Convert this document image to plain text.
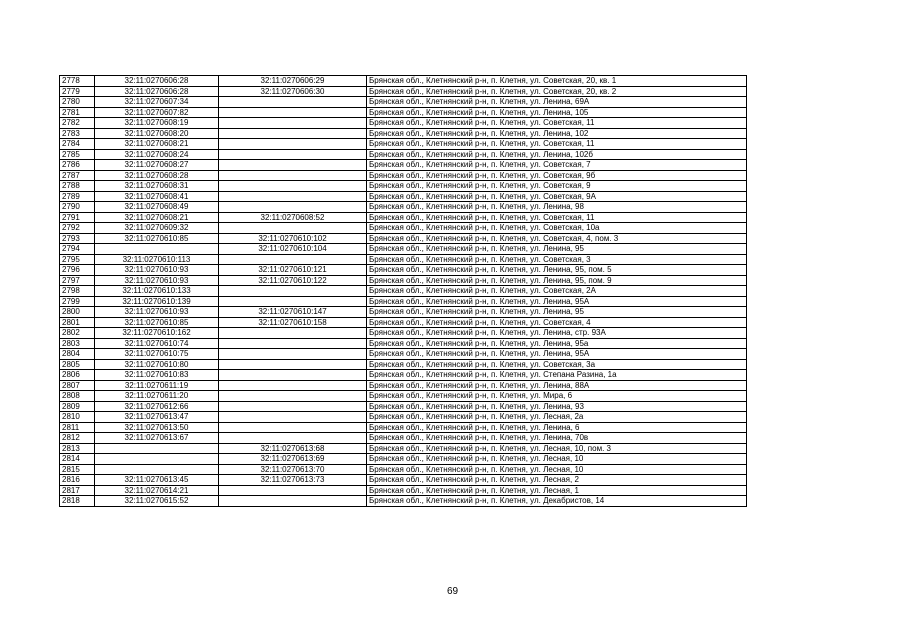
2778	32:11:0270606:28	32:11:0270606:29	Брянская обл., Клетнянский р-н, п. Клетня, ул. Советская, 20, кв. 1
2779	32:11:0270606:28	32:11:0270606:30	Брянская обл., Клетнянский р-н, п. Клетня, ул. Советская, 20, кв. 2
2780	32:11:0270607:34		Брянская обл., Клетнянский р-н, п. Клетня, ул. Ленина, 69А
2781	32:11:0270607:82		Брянская обл., Клетнянский р-н, п. Клетня, ул. Ленина, 105
2782	32:11:0270608:19		Брянская обл., Клетнянский р-н, п. Клетня, ул. Советская, 11
2783	32:11:0270608:20		Брянская обл., Клетнянский р-н, п. Клетня, ул. Ленина, 102
2784	32:11:0270608:21		Брянская обл., Клетнянский р-н, п. Клетня, ул. Советская, 11
2785	32:11:0270608:24		Брянская обл., Клетнянский р-н, п. Клетня, ул. Ленина, 102б
2786	32:11:0270608:27		Брянская обл., Клетнянский р-н, п. Клетня, ул. Советская, 7
2787	32:11:0270608:28		Брянская обл., Клетнянский р-н, п. Клетня, ул. Советская, 9б
2788	32:11:0270608:31		Брянская обл., Клетнянский р-н, п. Клетня, ул. Советская, 9
2789	32:11:0270608:41		Брянская обл., Клетнянский р-н, п. Клетня, ул. Советская, 9А
2790	32:11:0270608:49		Брянская обл., Клетнянский р-н, п. Клетня, ул. Ленина, 98
2791	32:11:0270608:21	32:11:0270608:52	Брянская обл., Клетнянский р-н, п. Клетня, ул. Советская, 11
2792	32:11:0270609:32		Брянская обл., Клетнянский р-н, п. Клетня, ул. Советская, 10а
2793	32:11:0270610:85	32:11:0270610:102	Брянская обл., Клетнянский р-н, п. Клетня, ул. Советская, 4, пом. 3
2794		32:11:0270610:104	Брянская обл., Клетнянский р-н, п. Клетня, ул. Ленина, 95
2795	32:11:0270610:113		Брянская обл., Клетнянский р-н, п. Клетня, ул. Советская, 3
2796	32:11:0270610:93	32:11:0270610:121	Брянская обл., Клетнянский р-н, п. Клетня, ул. Ленина, 95, пом. 5
2797	32:11:0270610:93	32:11:0270610:122	Брянская обл., Клетнянский р-н, п. Клетня, ул. Ленина, 95, пом. 9
2798	32:11:0270610:133		Брянская обл., Клетнянский р-н, п. Клетня, ул. Советская, 2А
2799	32:11:0270610:139		Брянская обл., Клетнянский р-н, п. Клетня, ул. Ленина, 95А
2800	32:11:0270610:93	32:11:0270610:147	Брянская обл., Клетнянский р-н, п. Клетня, ул. Ленина, 95
2801	32:11:0270610:85	32:11:0270610:158	Брянская обл., Клетнянский р-н, п. Клетня, ул. Советская, 4
2802	32:11:0270610:162		Брянская обл., Клетнянский р-н, п. Клетня, ул. Ленина, стр. 93А
2803	32:11:0270610:74		Брянская обл., Клетнянский р-н, п. Клетня, ул. Ленина, 95а
2804	32:11:0270610:75		Брянская обл., Клетнянский р-н, п. Клетня, ул. Ленина, 95А
2805	32:11:0270610:80		Брянская обл., Клетнянский р-н, п. Клетня, ул. Советская, 3а
2806	32:11:0270610:83		Брянская обл., Клетнянский р-н, п. Клетня, ул. Степана Разина, 1а
2807	32:11:0270611:19		Брянская обл., Клетнянский р-н, п. Клетня, ул. Ленина, 88А
2808	32:11:0270611:20		Брянская обл., Клетнянский р-н, п. Клетня, ул. Мира, 6
2809	32:11:0270612:66		Брянская обл., Клетнянский р-н, п. Клетня, ул. Ленина, 93
2810	32:11:0270613:47		Брянская обл., Клетнянский р-н, п. Клетня, ул. Лесная, 2а
2811	32:11:0270613:50		Брянская обл., Клетнянский р-н, п. Клетня, ул. Ленина, 6
2812	32:11:0270613:67		Брянская обл., Клетнянский р-н, п. Клетня, ул. Ленина, 70в
2813		32:11:0270613:68	Брянская обл., Клетнянский р-н, п. Клетня, ул. Лесная, 10, пом. 3
2814		32:11:0270613:69	Брянская обл., Клетнянский р-н, п. Клетня, ул. Лесная, 10
2815		32:11:0270613:70	Брянская обл., Клетнянский р-н, п. Клетня, ул. Лесная, 10
2816	32:11:0270613:45	32:11:0270613:73	Брянская обл., Клетнянский р-н, п. Клетня, ул. Лесная, 2
2817	32:11:0270614:21		Брянская обл., Клетнянский р-н, п. Клетня, ул. Лесная, 1
2818	32:11:0270615:52		Брянская обл., Клетнянский р-н, п. Клетня, ул. Декабристов, 14
69
